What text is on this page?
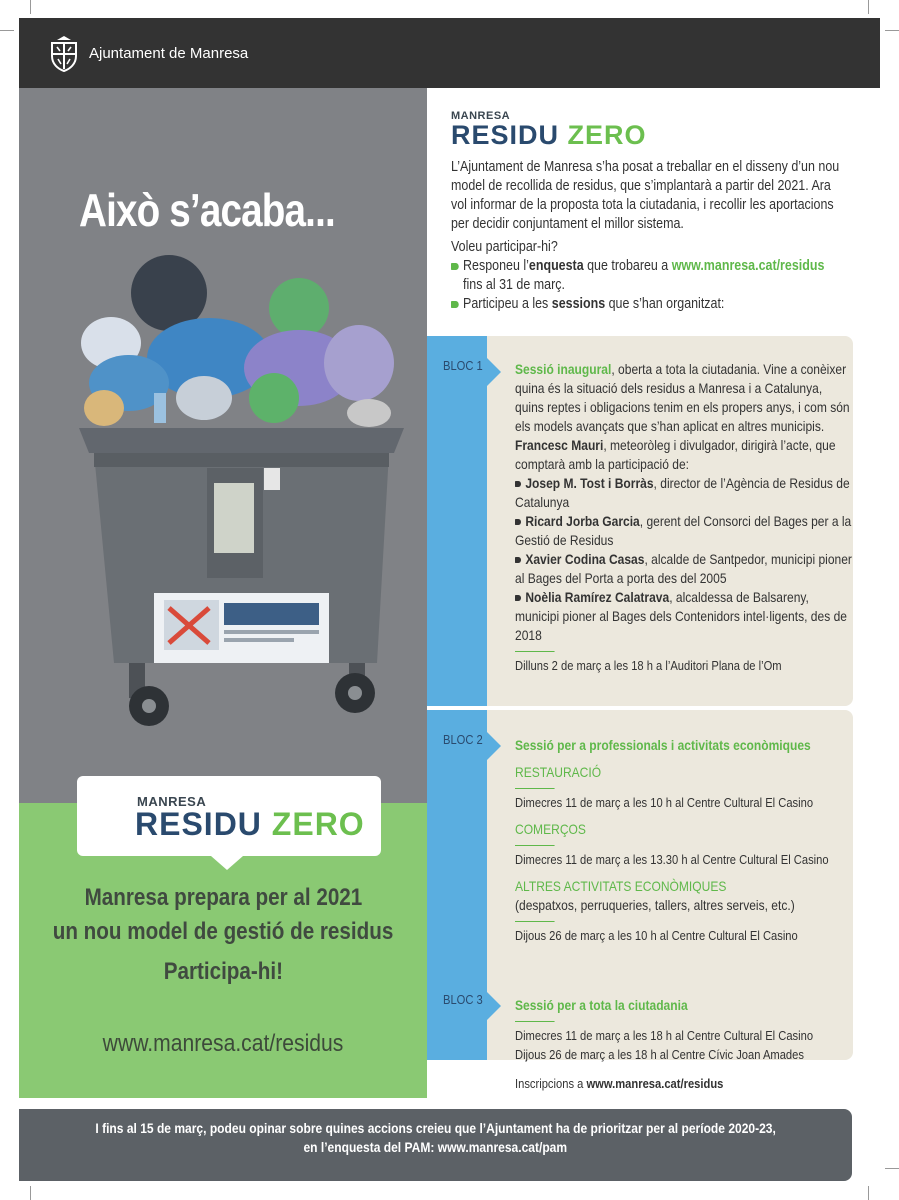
Ajuntament de Manresa
Això s’acaba...
MANRESA
RESIDU ZERO
Manresa prepara per al 2021
un nou model de gestió de residus
Participa-hi!
www.manresa.cat/residus
MANRESA
RESIDU ZERO

L’Ajuntament de Manresa s’ha posat a treballar en el disseny d’un nou model de recollida de residus, que s’implantarà a partir del 2021. Ara vol informar de la proposta tota la ciutadania, i recollir les aportacions per decidir conjuntament el millor sistema.

Voleu participar-hi?

Responeu l’enquesta que trobareu a www.manresa.cat/residus
fins al 31 de març.

Participeu a les sessions que s’han organitzat:

BLOC 1 Sessió inaugural, oberta a tota la ciutadania. Vine a conèixer quina és la situació dels residus a Manresa i a Catalunya, quins reptes i obligacions tenim en els propers anys, i com són els models avançats que s’han aplicat en altres municipis. Francesc Mauri, meteoròleg i divulgador, dirigirà l’acte, que comptarà amb la participació de:
Josep M. Tost i Borràs, director de l’Agència de Residus de Catalunya
Ricard Jorba Garcia, gerent del Consorci del Bages per a la Gestió de Residus
Xavier Codina Casas, alcalde de Santpedor, municipi pioner al Bages del Porta a porta des del 2005
Noèlia Ramírez Calatrava, alcaldessa de Balsareny, municipi pioner al Bages dels Contenidors intel·ligents, des de 2018
Dilluns 2 de març a les 18 h a l’Auditori Plana de l’Om
BLOC 2 Sessió per a professionals i activitats econòmiques
RESTAURACIÓ
Dimecres 11 de març a les 10 h al Centre Cultural El Casino
COMERÇOS
Dimecres 11 de març a les 13.30 h al Centre Cultural El Casino
ALTRES ACTIVITATS ECONÒMIQUES
(despatxos, perruqueries, tallers, altres serveis, etc.)
Dijous 26 de març a les 10 h al Centre Cultural El Casino
BLOC 3 Sessió per a tota la ciutadania
Dimecres 11 de març a les 18 h al Centre Cultural El Casino
Dijous 26 de març a les 18 h al Centre Cívic Joan Amades
Inscripcions a www.manresa.cat/residus
I fins al 15 de març, podeu opinar sobre quines accions creieu que l’Ajuntament ha de prioritzar per al període 2020-23,
en l’enquesta del PAM: www.manresa.cat/pam
